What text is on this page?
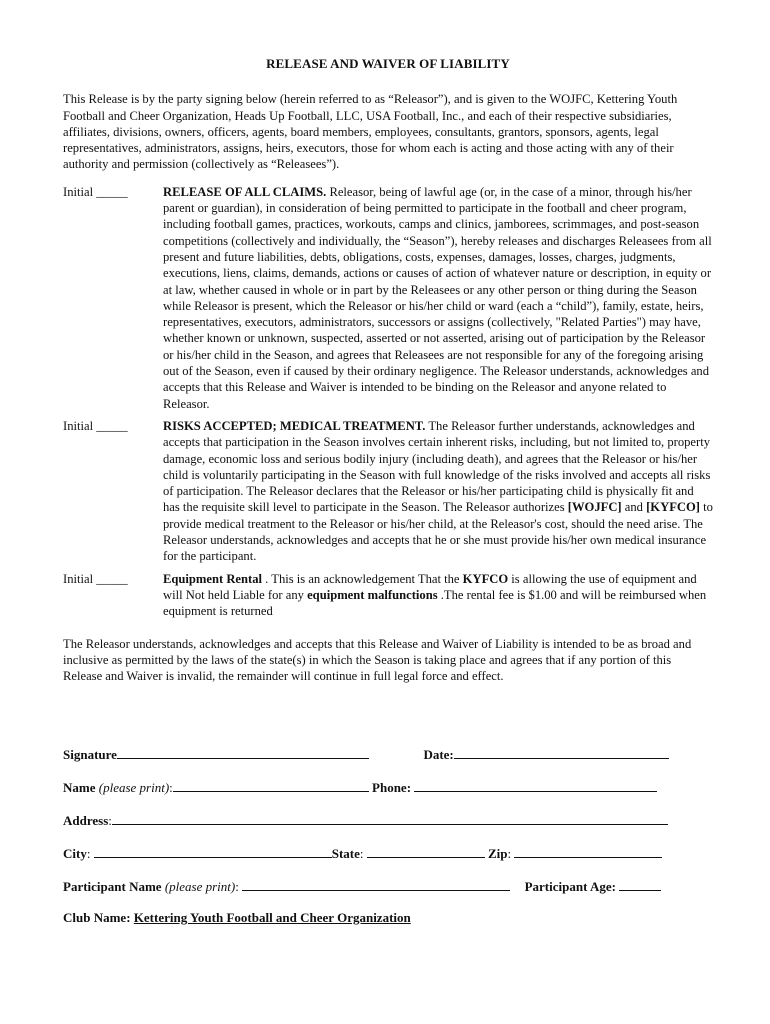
RELEASE AND WAIVER OF LIABILITY
This Release is by the party signing below (herein referred to as “Releasor”), and is given to the WOJFC, Kettering Youth Football and Cheer Organization, Heads Up Football, LLC, USA Football, Inc., and each of their respective subsidiaries, affiliates, divisions, owners, officers, agents, board members, employees, consultants, grantors, sponsors, agents, legal representatives, administrators, assigns, heirs, executors, those for whom each is acting and those acting with any of their authority and permission (collectively as “Releasees”).
Initial _____	RELEASE OF ALL CLAIMS. Releasor, being of lawful age (or, in the case of a minor, through his/her parent or guardian), in consideration of being permitted to participate in the football and cheer program, including football games, practices, workouts, camps and clinics, jamborees, scrimmages, and post-season competitions (collectively and individually, the “Season”), hereby releases and discharges Releasees from all present and future liabilities, debts, obligations, costs, expenses, damages, losses, charges, judgments, executions, liens, claims, demands, actions or causes of action of whatever nature or description, in equity or at law, whether caused in whole or in part by the Releasees or any other person or thing during the Season while Releasor is present, which the Releasor or his/her child or ward (each a “child”), family, estate, heirs, representatives, executors, administrators, successors or assigns (collectively, "Related Parties") may have, whether known or unknown, suspected, asserted or not asserted, arising out of participation by the Releasor or his/her child in the Season, and agrees that Releasees are not responsible for any of the foregoing arising out of the Season, even if caused by their ordinary negligence. The Releasor understands, acknowledges and accepts that this Release and Waiver is intended to be binding on the Releasor and anyone related to Releasor.
Initial _____	RISKS ACCEPTED; MEDICAL TREATMENT. The Releasor further understands, acknowledges and accepts that participation in the Season involves certain inherent risks, including, but not limited to, property damage, economic loss and serious bodily injury (including death), and agrees that the Releasor or his/her child is voluntarily participating in the Season with full knowledge of the risks involved and accepts all risks of participation. The Releasor declares that the Releasor or his/her participating child is physically fit and has the requisite skill level to participate in the Season. The Releasor authorizes [WOJFC] and [KYFCO] to provide medical treatment to the Releasor or his/her child, at the Releasor's cost, should the need arise. The Releasor understands, acknowledges and accepts that he or she must provide his/her own medical insurance for the participant.
Initial _____	Equipment Rental . This is an acknowledgement That the KYFCO is allowing the use of equipment and will Not held Liable for any equipment malfunctions .The rental fee is $1.00 and will be reimbursed when equipment is returned
The Releasor understands, acknowledges and accepts that this Release and Waiver of Liability is intended to be as broad and inclusive as permitted by the laws of the state(s) in which the Season is taking place and agrees that if any portion of this Release and Waiver is invalid, the remainder will continue in full legal force and effect.
Signature	Date:
Name (please print):	Phone:
Address:
City:	State:	Zip:
Participant Name (please print):	Participant Age:
Club Name: Kettering Youth Football and Cheer Organization
